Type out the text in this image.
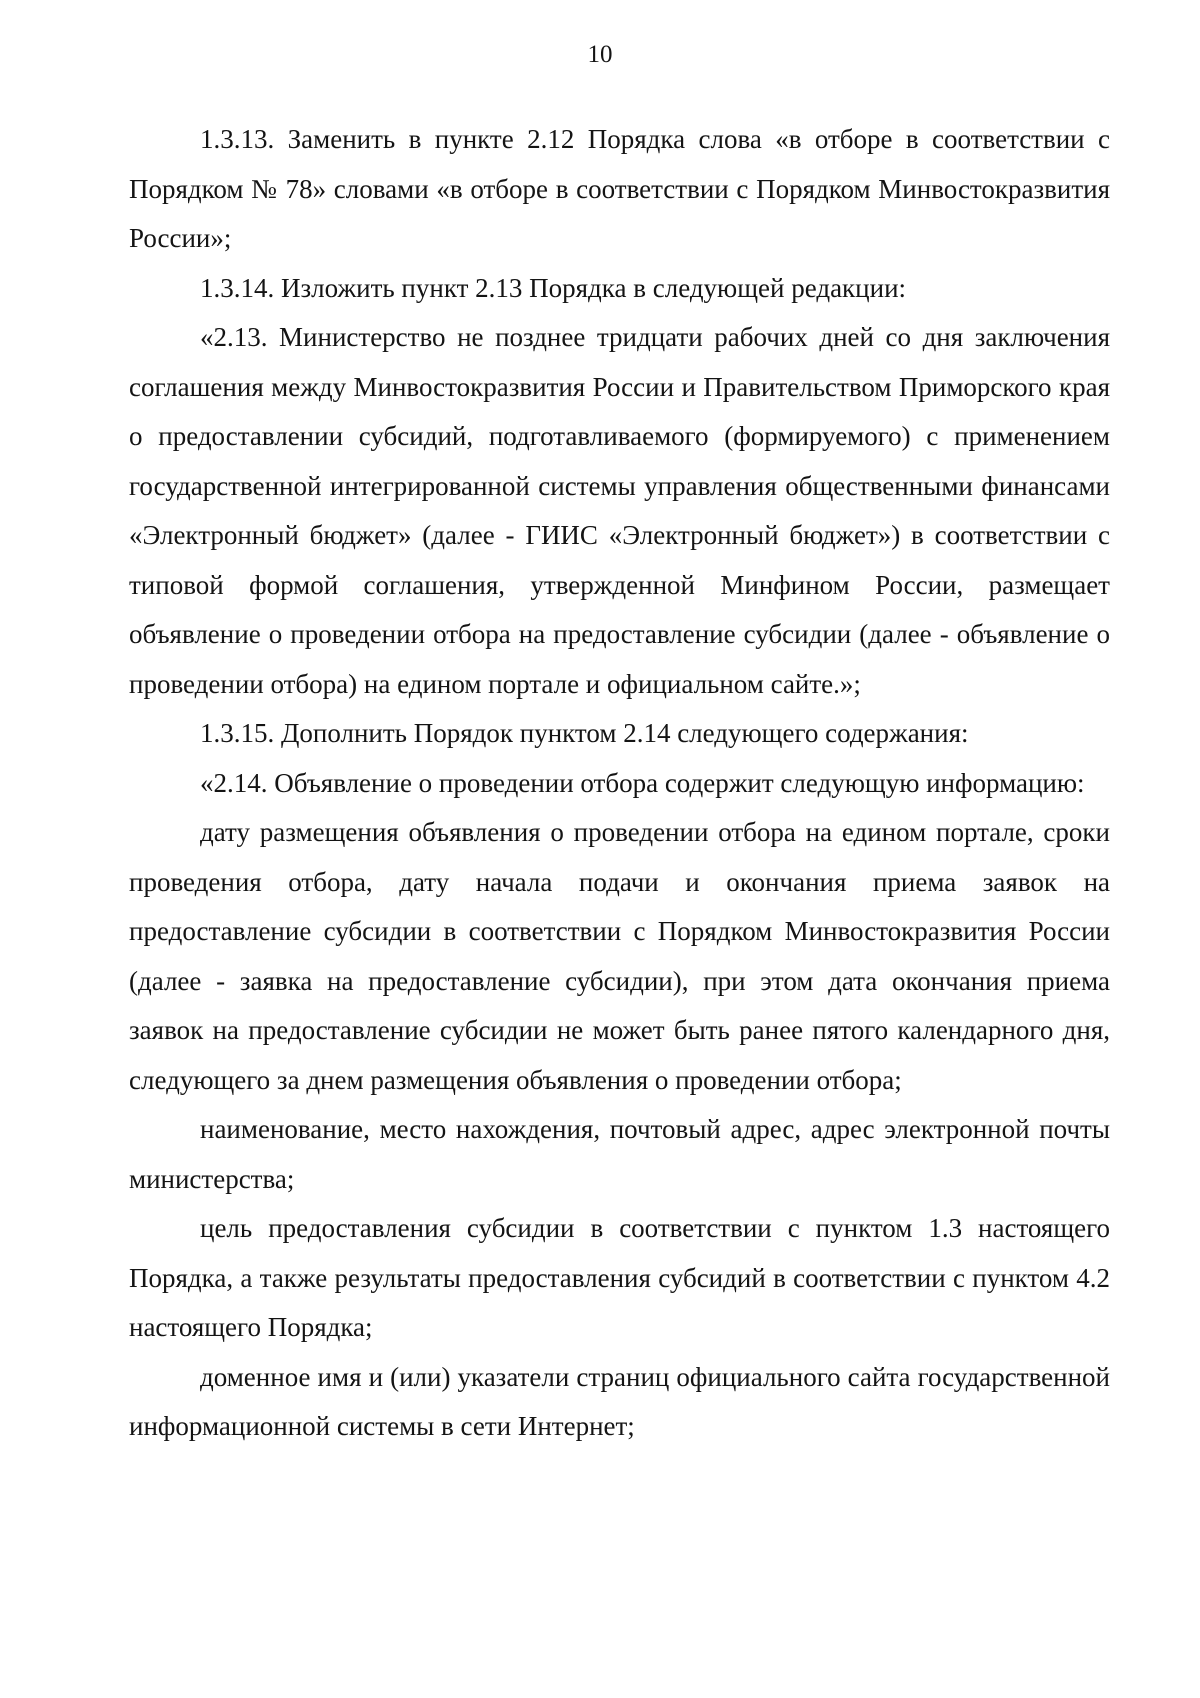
10

1.3.13. Заменить в пункте 2.12 Порядка слова «в отборе в соответствии с Порядком № 78» словами «в отборе в соответствии с Порядком Минвостокразвития России»;

1.3.14. Изложить пункт 2.13 Порядка в следующей редакции:

«2.13. Министерство не позднее тридцати рабочих дней со дня заключения соглашения между Минвостокразвития России и Правительством Приморского края о предоставлении субсидий, подготавливаемого (формируемого) с применением государственной интегрированной системы управления общественными финансами «Электронный бюджет» (далее - ГИИС «Электронный бюджет») в соответствии с типовой формой соглашения, утвержденной Минфином России, размещает объявление о проведении отбора на предоставление субсидии (далее - объявление о проведении отбора) на едином портале и официальном сайте.»;

1.3.15. Дополнить Порядок пунктом 2.14 следующего содержания:

«2.14. Объявление о проведении отбора содержит следующую информацию:

дату размещения объявления о проведении отбора на едином портале, сроки проведения отбора, дату начала подачи и окончания приема заявок на предоставление субсидии в соответствии с Порядком Минвостокразвития России (далее - заявка на предоставление субсидии), при этом дата окончания приема заявок на предоставление субсидии не может быть ранее пятого календарного дня, следующего за днем размещения объявления о проведении отбора;

наименование, место нахождения, почтовый адрес, адрес электронной почты министерства;

цель предоставления субсидии в соответствии с пунктом 1.3 настоящего Порядка, а также результаты предоставления субсидий в соответствии с пунктом 4.2 настоящего Порядка;

доменное имя и (или) указатели страниц официального сайта государственной информационной системы в сети Интернет;
